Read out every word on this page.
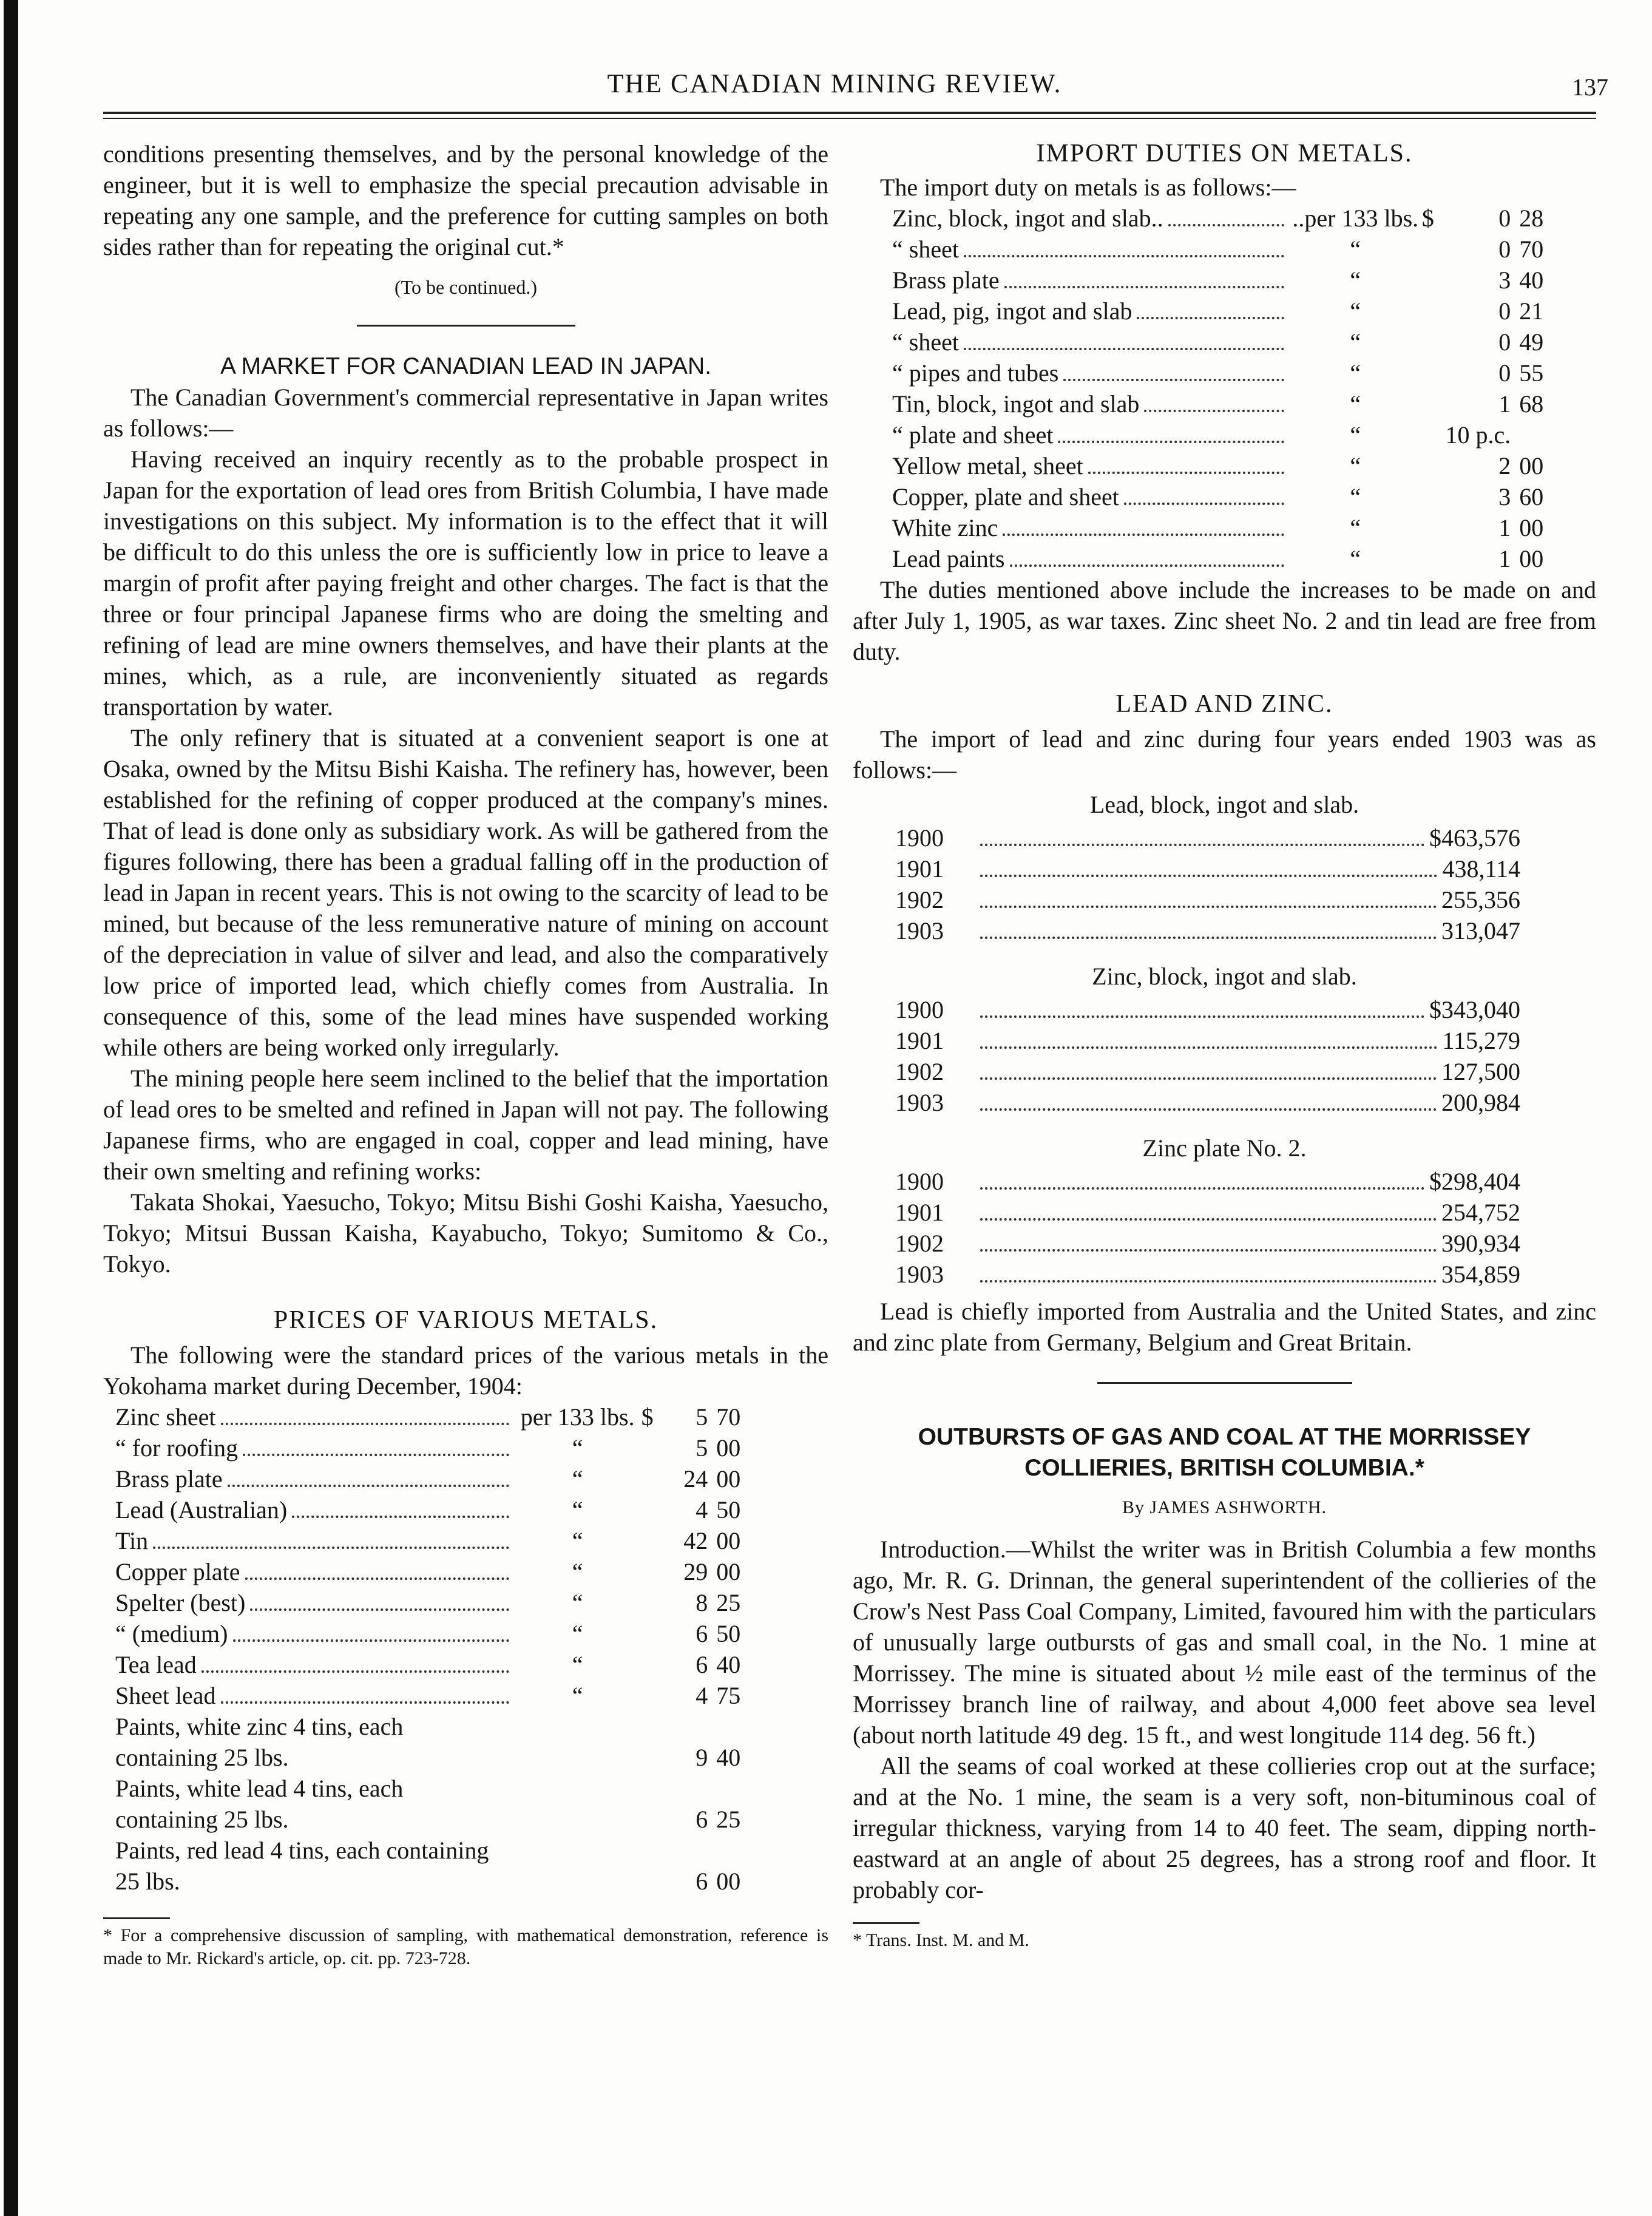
THE CANADIAN MINING REVIEW.	137

conditions presenting themselves, and by the personal knowledge of the engineer, but it is well to emphasize the special precaution advisable in repeating any one sample, and the preference for cutting samples on both sides rather than for repeating the original cut.*

(To be continued.)
A MARKET FOR CANADIAN LEAD IN JAPAN.

The Canadian Government's commercial representative in Japan writes as follows:—

Having received an inquiry recently as to the probable prospect in Japan for the exportation of lead ores from British Columbia, I have made investigations on this subject. My information is to the effect that it will be difficult to do this unless the ore is sufficiently low in price to leave a margin of profit after paying freight and other charges. The fact is that the three or four principal Japanese firms who are doing the smelting and refining of lead are mine owners themselves, and have their plants at the mines, which, as a rule, are inconveniently situated as regards transportation by water.

The only refinery that is situated at a convenient seaport is one at Osaka, owned by the Mitsu Bishi Kaisha. The refinery has, however, been established for the refining of copper produced at the company's mines. That of lead is done only as subsidiary work. As will be gathered from the figures following, there has been a gradual falling off in the production of lead in Japan in recent years. This is not owing to the scarcity of lead to be mined, but because of the less remunerative nature of mining on account of the depreciation in value of silver and lead, and also the comparatively low price of imported lead, which chiefly comes from Australia. In consequence of this, some of the lead mines have suspended working while others are being worked only irregularly.

The mining people here seem inclined to the belief that the importation of lead ores to be smelted and refined in Japan will not pay. The following Japanese firms, who are engaged in coal, copper and lead mining, have their own smelting and refining works:

Takata Shokai, Yaesucho, Tokyo; Mitsu Bishi Goshi Kaisha, Yaesucho, Tokyo; Mitsui Bussan Kaisha, Kayabucho, Tokyo; Sumitomo & Co., Tokyo.

PRICES OF VARIOUS METALS.

The following were the standard prices of the various metals in the Yokohama market during December, 1904:

Zinc sheet	per 133 lbs.	$	5	70

“ for roofing	“		5	00

Brass plate	“		24	00

Lead (Australian)	“		4	50

Tin	“		42	00

Copper plate	“		29	00

Spelter (best)	“		8	25

“ (medium)	“		6	50

Tea lead	“		6	40

Sheet lead	“		4	75

Paints, white zinc 4 tins, each containing 25 lbs.			9	40

Paints, white lead 4 tins, each containing 25 lbs.			6	25

Paints, red lead 4 tins, each containing 25 lbs.			6	00

* For a comprehensive discussion of sampling, with mathematical demonstration, reference is made to Mr. Rickard's article, op. cit. pp. 723-728.

IMPORT DUTIES ON METALS.

The import duty on metals is as follows:—

Zinc, block, ingot and slab..	..per 133 lbs.	$	0	28

“ sheet	“		0	70

Brass plate	“		3	40

Lead, pig, ingot and slab	“		0	21

“ sheet	“		0	49

“ pipes and tubes	“		0	55

Tin, block, ingot and slab	“		1	68

“ plate and sheet	“		10 p.c.	

Yellow metal, sheet	“		2	00

Copper, plate and sheet	“		3	60

White zinc	“		1	00

Lead paints	“		1	00

The duties mentioned above include the increases to be made on and after July 1, 1905, as war taxes. Zinc sheet No. 2 and tin lead are free from duty.

LEAD AND ZINC.

The import of lead and zinc during four years ended 1903 was as follows:—

Lead, block, ingot and slab.
1900	$463,576
1901	438,114
1902	255,356
1903	313,047
Zinc, block, ingot and slab.
1900	$343,040
1901	115,279
1902	127,500
1903	200,984
Zinc plate No. 2.
1900	$298,404
1901	254,752
1902	390,934
1903	354,859

Lead is chiefly imported from Australia and the United States, and zinc and zinc plate from Germany, Belgium and Great Britain.

OUTBURSTS OF GAS AND COAL AT THE MORRISSEY
COLLIERIES, BRITISH COLUMBIA.*
By JAMES ASHWORTH.

Introduction.—Whilst the writer was in British Columbia a few months ago, Mr. R. G. Drinnan, the general superintendent of the collieries of the Crow's Nest Pass Coal Company, Limited, favoured him with the particulars of unusually large outbursts of gas and small coal, in the No. 1 mine at Morrissey. The mine is situated about ½ mile east of the terminus of the Morrissey branch line of railway, and about 4,000 feet above sea level (about north latitude 49 deg. 15 ft., and west longitude 114 deg. 56 ft.)

All the seams of coal worked at these collieries crop out at the surface; and at the No. 1 mine, the seam is a very soft, non-bituminous coal of irregular thickness, varying from 14 to 40 feet. The seam, dipping north-eastward at an angle of about 25 degrees, has a strong roof and floor. It probably cor-

* Trans. Inst. M. and M.
